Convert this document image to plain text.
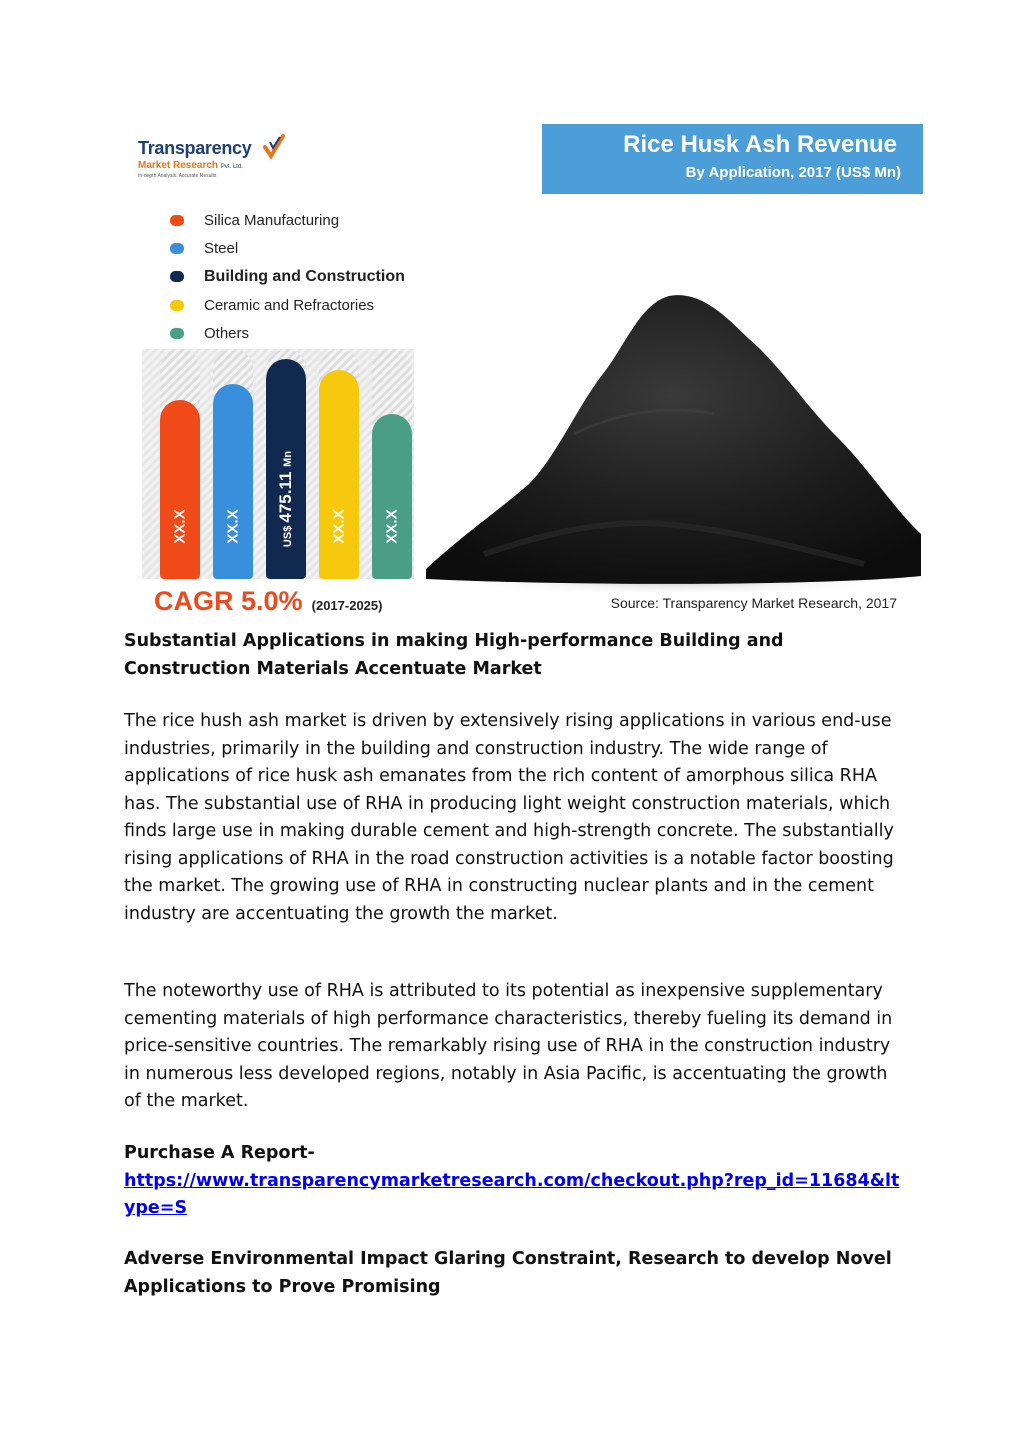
Transparency
Market Research Pvt. Ltd.
In-depth Analysis. Accurate Results
Rice Husk Ash Revenue
By Application, 2017 (US$ Mn)
Silica Manufacturing
Steel
Building and Construction
Ceramic and Refractories
Others
XX.X XX.X	US$ 475.11 Mn
XX.X XX.X
CAGR 5.0% (2017-2025)	Source: Transparency Market Research, 2017
Substantial Applications in making High-performance Building and Construction Materials Accentuate Market

The rice hush ash market is driven by extensively rising applications in various end-use industries, primarily in the building and construction industry. The wide range of applications of rice husk ash emanates from the rich content of amorphous silica RHA has. The substantial use of RHA in producing light weight construction materials, which finds large use in making durable cement and high-strength concrete. The substantially rising applications of RHA in the road construction activities is a notable factor boosting the market. The growing use of RHA in constructing nuclear plants and in the cement industry are accentuating the growth the market.

The noteworthy use of RHA is attributed to its potential as inexpensive supplementary cementing materials of high performance characteristics, thereby fueling its demand in price-sensitive countries. The remarkably rising use of RHA in the construction industry in numerous less developed regions, notably in Asia Pacific, is accentuating the growth of the market.

Purchase A Report-
https://www.transparencymarketresearch.com/checkout.php?rep_id=11684&ltype=S
Adverse Environmental Impact Glaring Constraint, Research to develop Novel Applications to Prove Promising
